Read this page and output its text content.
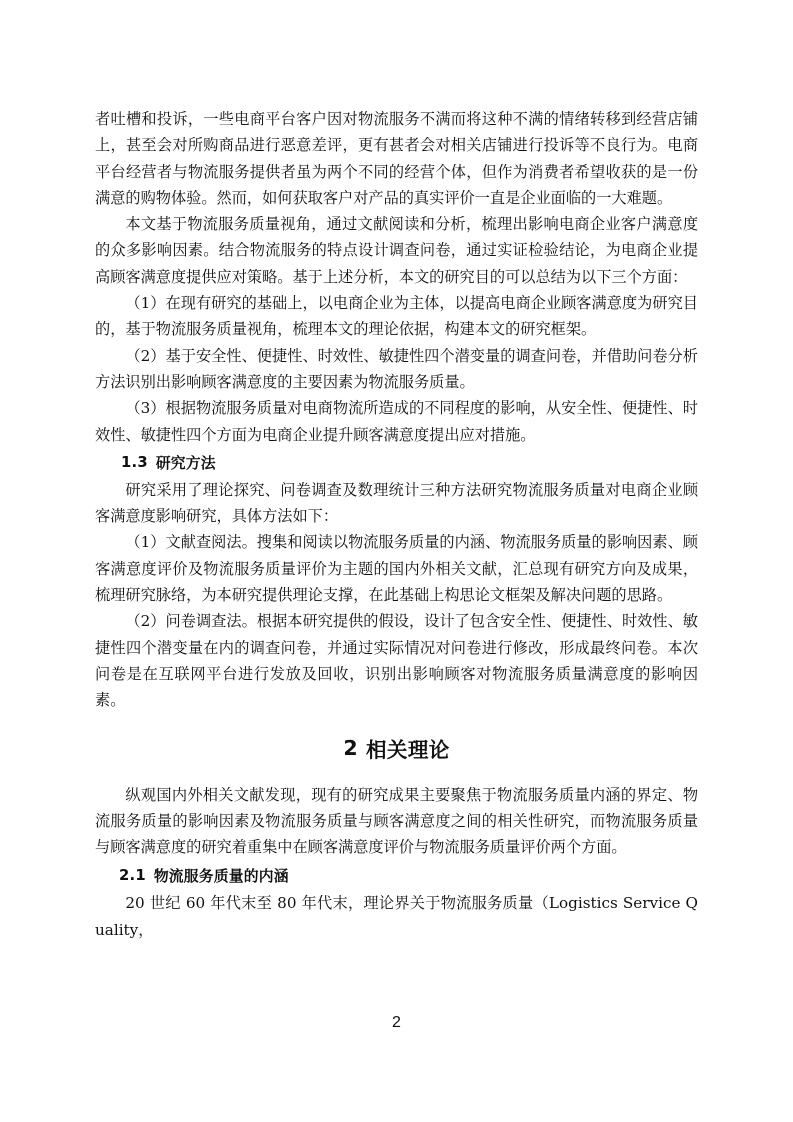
者吐槽和投诉，一些电商平台客户因对物流服务不满而将这种不满的情绪转移到经营店铺上，甚至会对所购商品进行恶意差评，更有甚者会对相关店铺进行投诉等不良行为。电商平台经营者与物流服务提供者虽为两个不同的经营个体，但作为消费者希望收获的是一份满意的购物体验。然而，如何获取客户对产品的真实评价一直是企业面临的一大难题。

本文基于物流服务质量视角，通过文献阅读和分析，梳理出影响电商企业客户满意度的众多影响因素。结合物流服务的特点设计调查问卷，通过实证检验结论，为电商企业提高顾客满意度提供应对策略。基于上述分析，本文的研究目的可以总结为以下三个方面：

（1）在现有研究的基础上，以电商企业为主体，以提高电商企业顾客满意度为研究目的，基于物流服务质量视角，梳理本文的理论依据，构建本文的研究框架。

（2）基于安全性、便捷性、时效性、敏捷性四个潜变量的调查问卷，并借助问卷分析方法识别出影响顾客满意度的主要因素为物流服务质量。

（3）根据物流服务质量对电商物流所造成的不同程度的影响，从安全性、便捷性、时效性、敏捷性四个方面为电商企业提升顾客满意度提出应对措施。

1.3 研究方法

研究采用了理论探究、问卷调查及数理统计三种方法研究物流服务质量对电商企业顾客满意度影响研究，具体方法如下：

（1）文献查阅法。搜集和阅读以物流服务质量的内涵、物流服务质量的影响因素、顾客满意度评价及物流服务质量评价为主题的国内外相关文献，汇总现有研究方向及成果，梳理研究脉络，为本研究提供理论支撑，在此基础上构思论文框架及解决问题的思路。

（2）问卷调查法。根据本研究提供的假设，设计了包含安全性、便捷性、时效性、敏捷性四个潜变量在内的调查问卷，并通过实际情况对问卷进行修改，形成最终问卷。本次问卷是在互联网平台进行发放及回收，识别出影响顾客对物流服务质量满意度的影响因素。

2 相关理论

纵观国内外相关文献发现，现有的研究成果主要聚焦于物流服务质量内涵的界定、物流服务质量的影响因素及物流服务质量与顾客满意度之间的相关性研究，而物流服务质量与顾客满意度的研究着重集中在顾客满意度评价与物流服务质量评价两个方面。

2.1 物流服务质量的内涵

20 世纪 60 年代末至 80 年代末，理论界关于物流服务质量（Logistics Service Quality，

2
